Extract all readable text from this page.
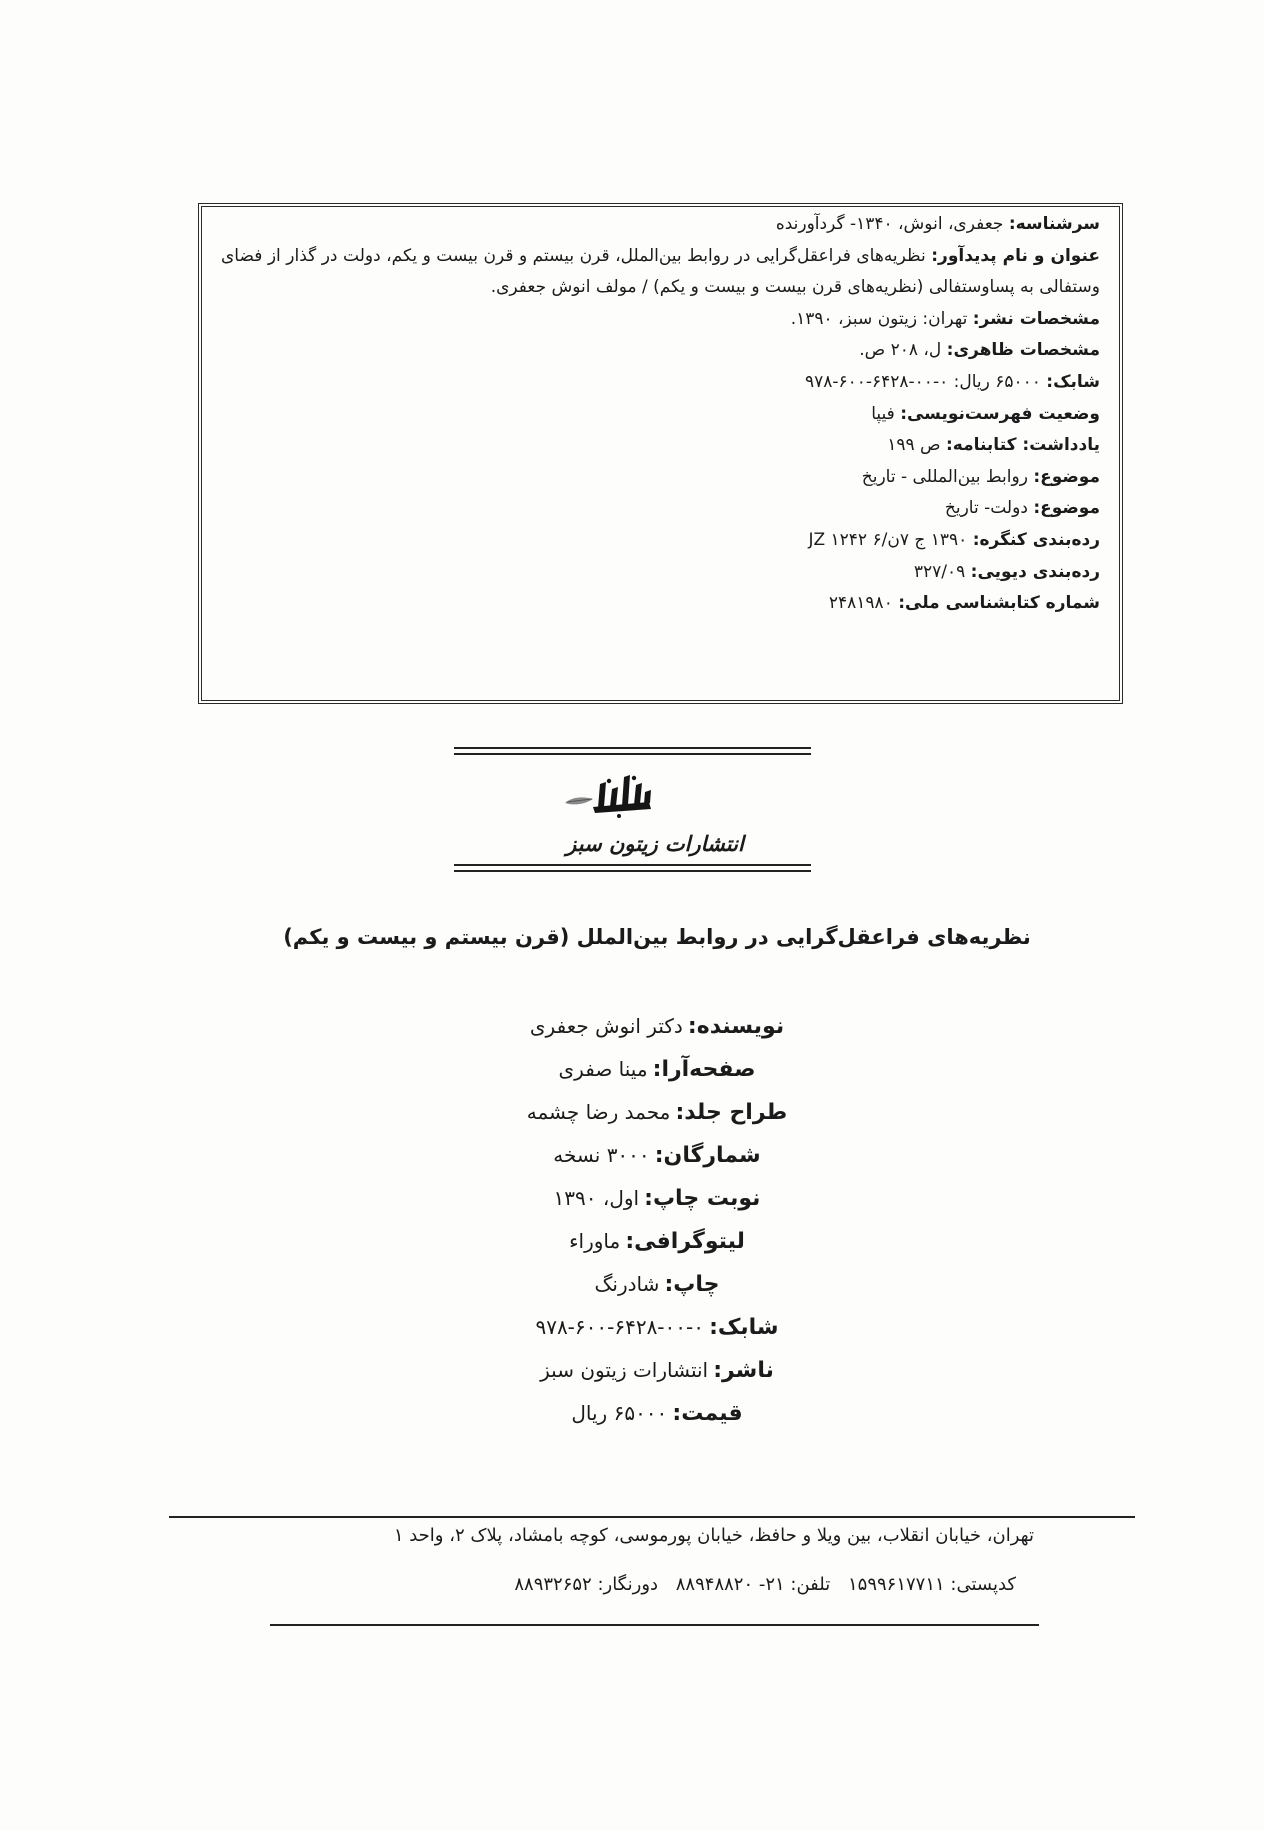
سرشناسه: جعفری، انوش، ۱۳۴۰- گردآورنده
عنوان و نام پدیدآور: نظریه‌های فراعقل‌گرایی در روابط بین‌الملل، قرن بیستم و قرن بیست و یکم، دولت در گذار از فضای وستفالی به پساوستفالی (نظریه‌های قرن بیست و بیست و یکم) / مولف انوش جعفری.
مشخصات نشر: تهران: زیتون سبز، ۱۳۹۰.
مشخصات ظاهری: ل، ۲۰۸ ص.
شابک: ۶۵۰۰۰ ریال: ۹۷۸-۶۰۰-۶۴۲۸-۰۰-۰
وضعیت فهرست‌نویسی: فیپا
یادداشت: کتابنامه: ص ۱۹۹
موضوع: روابط بین‌المللی - تاریخ
موضوع: دولت- تاریخ
رده‌بندی کنگره: ۱۳۹۰ ج ۷ن/۶ ۱۲۴۲ JZ
رده‌بندی دیویی: ۳۲۷/۰۹
شماره کتابشناسی ملی: ۲۴۸۱۹۸۰
انتشارات زیتون سبز
نظریه‌های فراعقل‌گرایی در روابط بین‌الملل (قرن بیستم و بیست و یکم)
نویسنده: دکتر انوش جعفری
صفحه‌آرا: مینا صفری
طراح جلد: محمد رضا چشمه
شمارگان: ۳۰۰۰ نسخه
نوبت چاپ: اول، ۱۳۹۰
لیتوگرافی: ماوراء
چاپ: شادرنگ
شابک: ۹۷۸-۶۰۰-۶۴۲۸-۰۰-۰
ناشر: انتشارات زیتون سبز
قیمت: ۶۵۰۰۰ ریال
تهران، خیابان انقلاب، بین ویلا و حافظ، خیابان پورموسی، کوچه بامشاد، پلاک ۲، واحد ۱
کدپستی: ۱۵۹۹۶۱۷۷۱۱ تلفن: ۲۱- ۸۸۹۴۸۸۲۰ دورنگار: ۸۸۹۳۲۶۵۲
